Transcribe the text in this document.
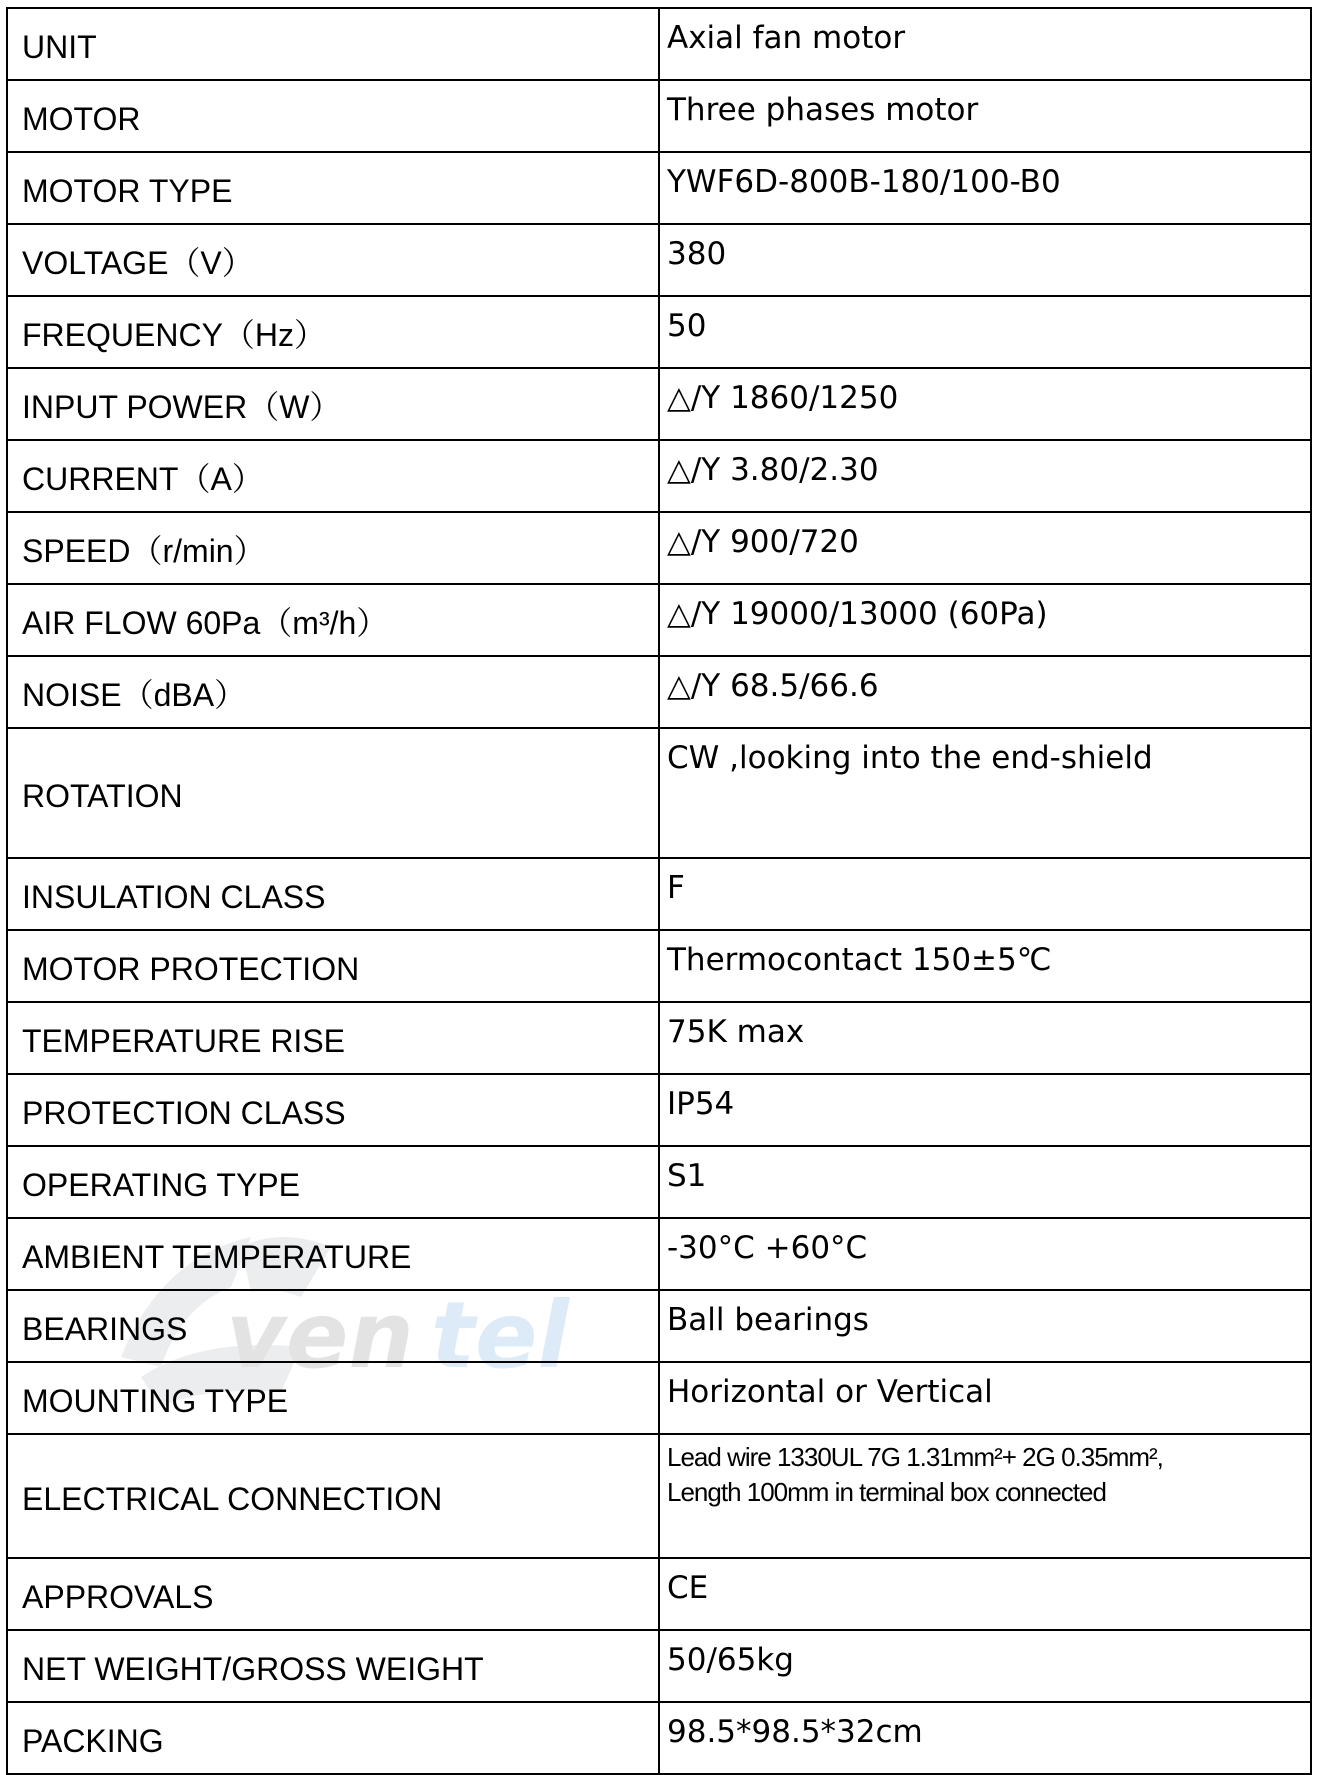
ven tel
UNIT	Axial fan motor
MOTOR	Three phases motor
MOTOR TYPE	YWF6D-800B-180/100-B0
VOLTAGE（V）	380
FREQUENCY（Hz）	50
INPUT POWER（W）	△/Y 1860/1250
CURRENT（A）	△/Y 3.80/2.30
SPEED（r/min）	△/Y 900/720
AIR FLOW 60Pa（m³/h）	△/Y 19000/13000 (60Pa)
NOISE（dBA）	△/Y 68.5/66.6
ROTATION	CW ,looking into the end-shield
INSULATION CLASS	F
MOTOR PROTECTION	Thermocontact 150±5℃
TEMPERATURE RISE	75K max
PROTECTION CLASS	IP54
OPERATING TYPE	S1
AMBIENT TEMPERATURE	-30°C +60°C
BEARINGS	Ball bearings
MOUNTING TYPE	Horizontal or Vertical
ELECTRICAL CONNECTION	Lead wire 1330UL 7G 1.31mm²+ 2G 0.35mm²,
Length 100mm in terminal box connected

APPROVALS	CE
NET WEIGHT/GROSS WEIGHT	50/65kg
PACKING	98.5*98.5*32cm
